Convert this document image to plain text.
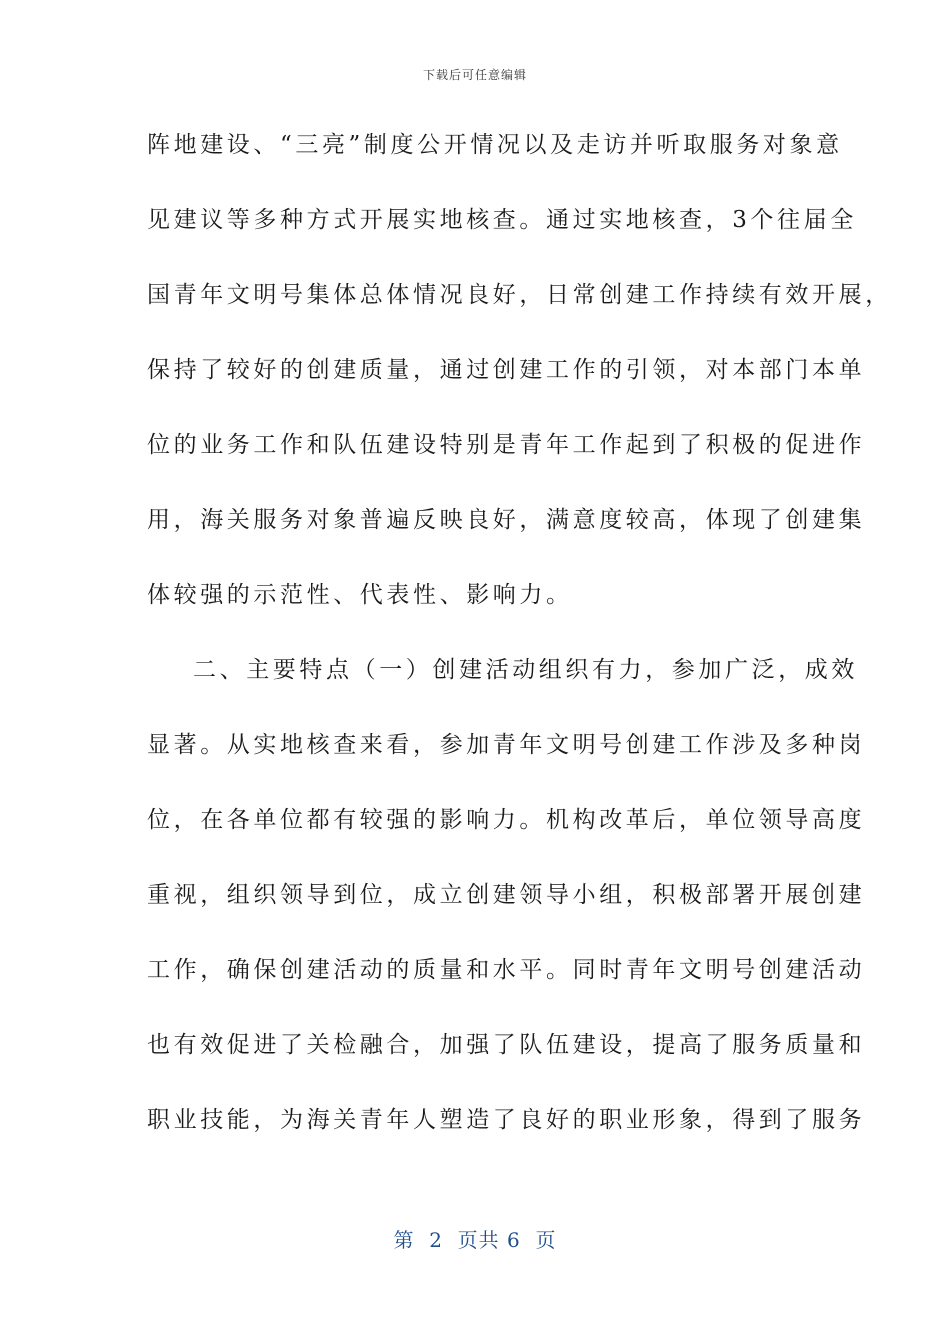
下载后可任意编辑
阵地建设、“三亮”制度公开情况以及走访并听取服务对象意
见建议等多种方式开展实地核查。通过实地核查，3个往届全
国青年文明号集体总体情况良好，日常创建工作持续有效开展，
保持了较好的创建质量，通过创建工作的引领，对本部门本单
位的业务工作和队伍建设特别是青年工作起到了积极的促进作
用，海关服务对象普遍反映良好，满意度较高，体现了创建集
体较强的示范性、代表性、影响力。
二、主要特点（一）创建活动组织有力，参加广泛，成效
显著。从实地核查来看，参加青年文明号创建工作涉及多种岗
位，在各单位都有较强的影响力。机构改革后，单位领导高度
重视，组织领导到位，成立创建领导小组，积极部署开展创建
工作，确保创建活动的质量和水平。同时青年文明号创建活动
也有效促进了关检融合，加强了队伍建设，提高了服务质量和
职业技能，为海关青年人塑造了良好的职业形象，得到了服务
第  2  页共 6  页
